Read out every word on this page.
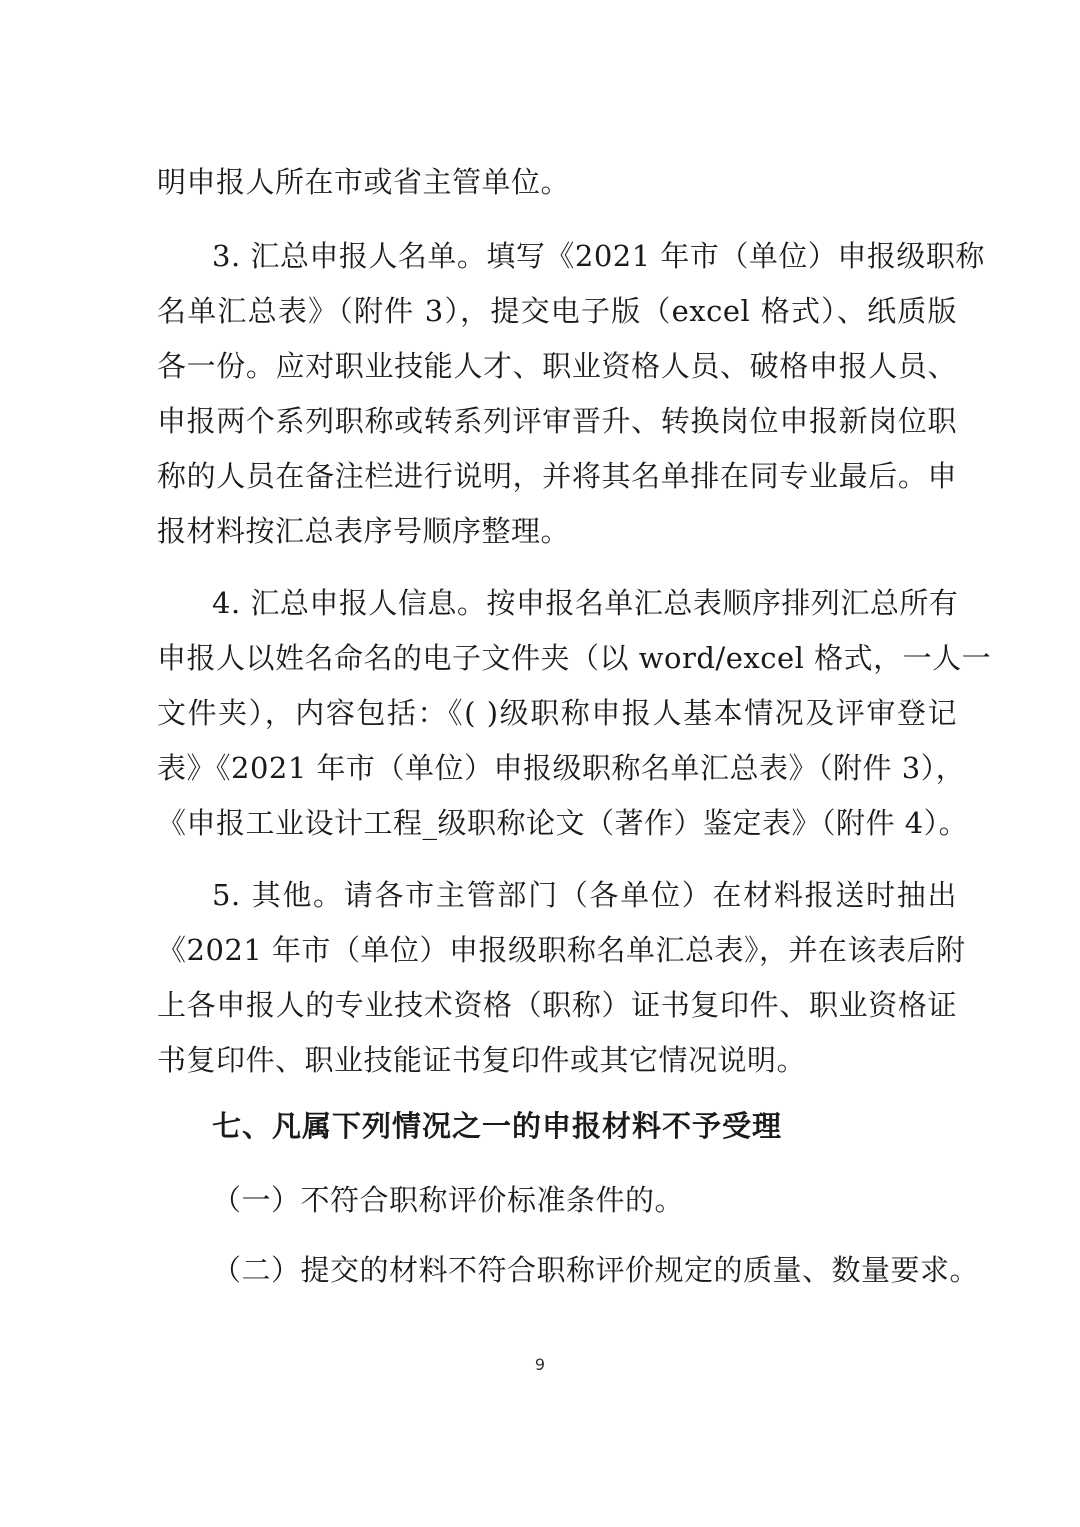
明申报人所在市或省主管单位。
3. 汇总申报人名单。填写《2021 年市（单位）申报级职称
名单汇总表》（附件 3），提交电子版（excel 格式）、纸质版
各一份。应对职业技能人才、职业资格人员、破格申报人员、
申报两个系列职称或转系列评审晋升、转换岗位申报新岗位职
称的人员在备注栏进行说明，并将其名单排在同专业最后。申
报材料按汇总表序号顺序整理。
4. 汇总申报人信息。按申报名单汇总表顺序排列汇总所有
申报人以姓名命名的电子文件夹（以 word/excel 格式，一人一
文件夹），内容包括：《( )级职称申报人基本情况及评审登记
表》《2021 年市（单位）申报级职称名单汇总表》（附件 3），
《申报工业设计工程_级职称论文（著作）鉴定表》（附件 4）。
5. 其他。请各市主管部门（各单位）在材料报送时抽出
《2021 年市（单位）申报级职称名单汇总表》，并在该表后附
上各申报人的专业技术资格（职称）证书复印件、职业资格证
书复印件、职业技能证书复印件或其它情况说明。
七、凡属下列情况之一的申报材料不予受理
（一）不符合职称评价标准条件的。
（二）提交的材料不符合职称评价规定的质量、数量要求。
9
